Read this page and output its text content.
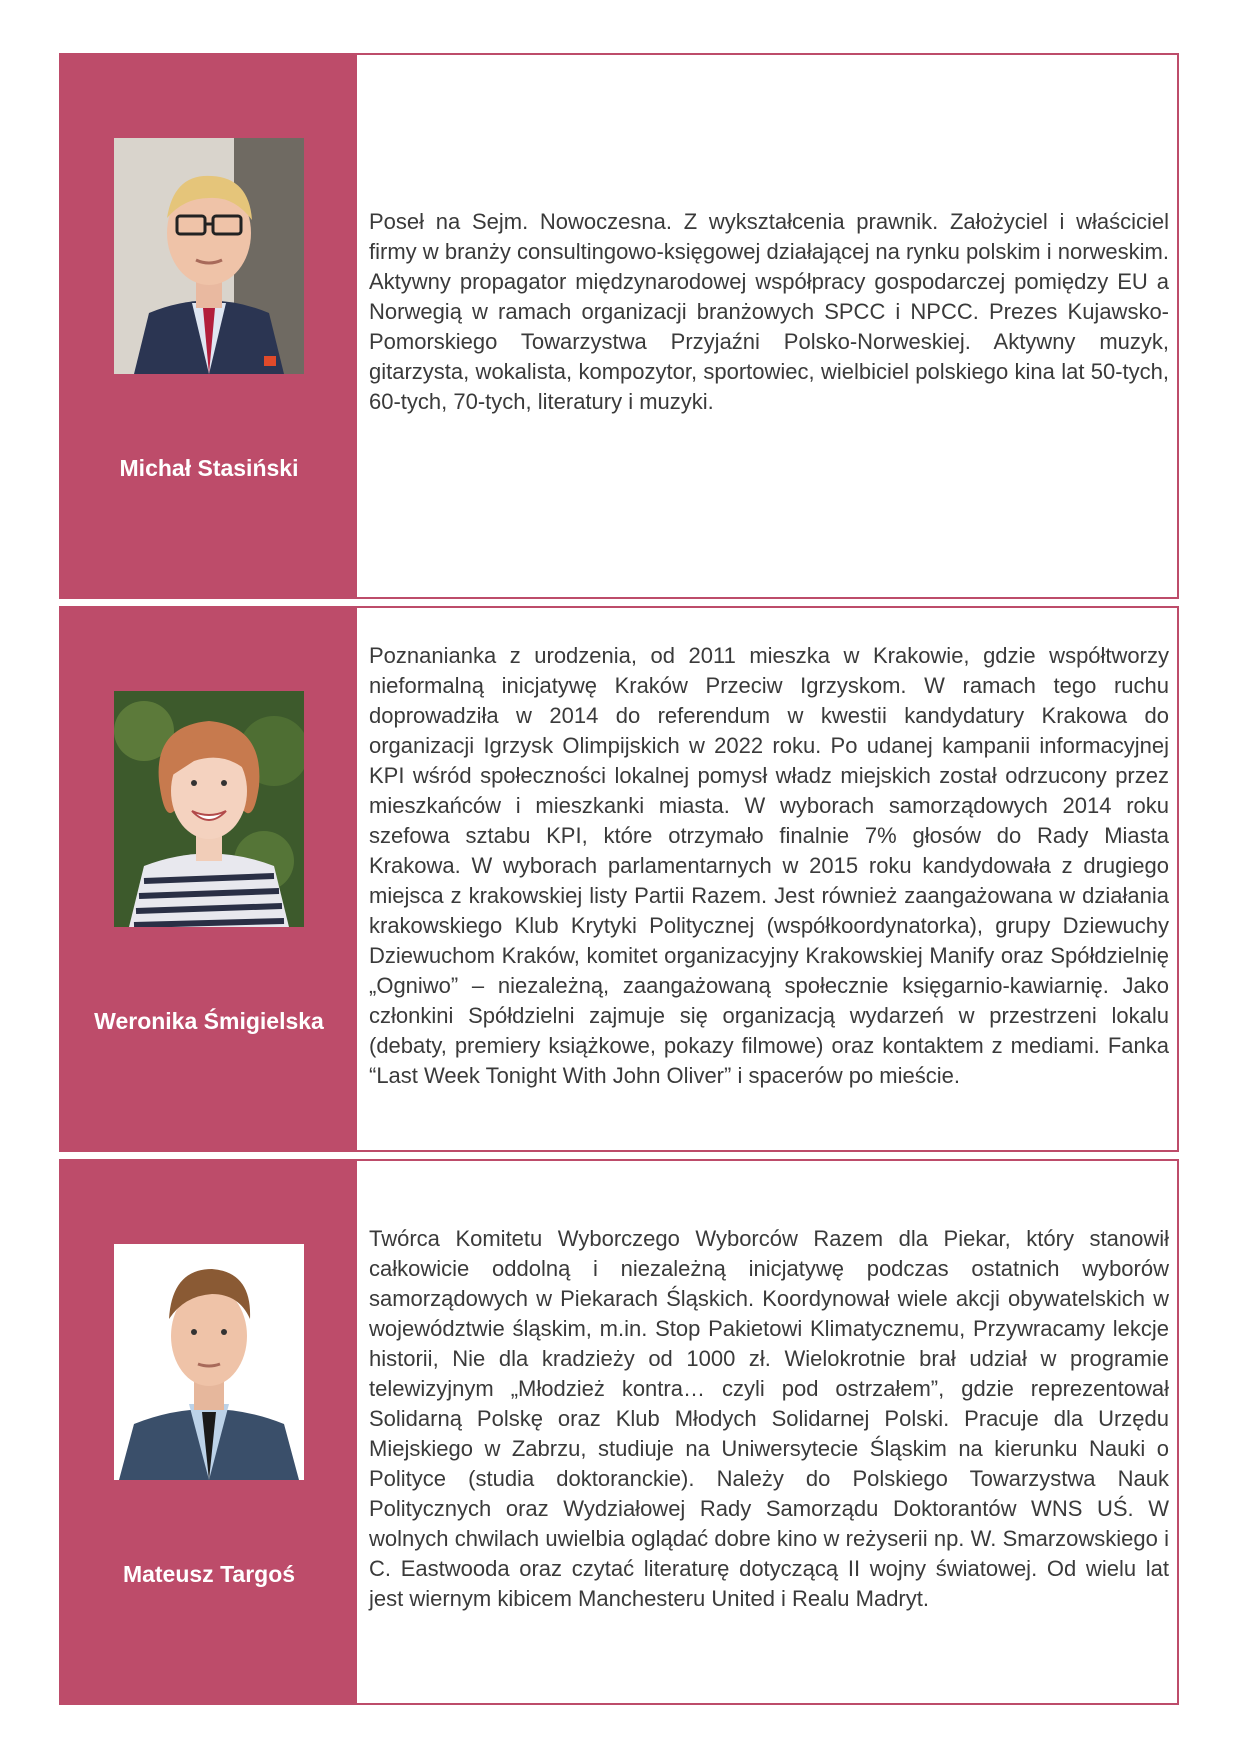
Michał Stasiński

Poseł na Sejm. Nowoczesna. Z wykształcenia prawnik. Założyciel i właściciel firmy w branży consultingowo-księgowej działającej na rynku polskim i norweskim. Aktywny propagator międzynarodowej współpracy gospodarczej pomiędzy EU a Norwegią w ramach organizacji branżowych SPCC i NPCC. Prezes Kujawsko-Pomorskiego Towarzystwa Przyjaźni Polsko-Norweskiej. Aktywny muzyk, gitarzysta, wokalista, kompozytor, sportowiec, wielbiciel polskiego kina lat 50-tych, 60-tych, 70-tych, literatury i muzyki.

Weronika Śmigielska

Poznanianka z urodzenia, od 2011 mieszka w Krakowie, gdzie współtworzy nieformalną inicjatywę Kraków Przeciw Igrzyskom. W ramach tego ruchu doprowadziła w 2014 do referendum w kwestii kandydatury Krakowa do organizacji Igrzysk Olimpijskich w 2022 roku. Po udanej kampanii informacyjnej KPI wśród społeczności lokalnej pomysł władz miejskich został odrzucony przez mieszkańców i mieszkanki miasta. W wyborach samorządowych 2014 roku szefowa sztabu KPI, które otrzymało finalnie 7% głosów do Rady Miasta Krakowa. W wyborach parlamentarnych w 2015 roku kandydowała z drugiego miejsca z krakowskiej listy Partii Razem. Jest również zaangażowana w działania krakowskiego Klub Krytyki Politycznej (współkoordynatorka), grupy Dziewuchy Dziewuchom Kraków, komitet organizacyjny Krakowskiej Manify oraz Spółdzielnię „Ogniwo” – niezależną, zaangażowaną społecznie księgarnio-kawiarnię. Jako członkini Spółdzielni zajmuje się organizacją wydarzeń w przestrzeni lokalu (debaty, premiery książkowe, pokazy filmowe) oraz kontaktem z mediami. Fanka “Last Week Tonight With John Oliver” i spacerów po mieście.

Mateusz Targoś

Twórca Komitetu Wyborczego Wyborców Razem dla Piekar, który stanowił całkowicie oddolną i niezależną inicjatywę podczas ostatnich wyborów samorządowych w Piekarach Śląskich. Koordynował wiele akcji obywatelskich w województwie śląskim, m.in. Stop Pakietowi Klimatycznemu, Przywracamy lekcje historii, Nie dla kradzieży od 1000 zł. Wielokrotnie brał udział w programie telewizyjnym „Młodzież kontra… czyli pod ostrzałem”, gdzie reprezentował Solidarną Polskę oraz Klub Młodych Solidarnej Polski. Pracuje dla Urzędu Miejskiego w Zabrzu, studiuje na Uniwersytecie Śląskim na kierunku Nauki o Polityce (studia doktoranckie). Należy do Polskiego Towarzystwa Nauk Politycznych oraz Wydziałowej Rady Samorządu Doktorantów WNS UŚ. W wolnych chwilach uwielbia oglądać dobre kino w reżyserii np. W. Smarzowskiego i C. Eastwooda oraz czytać literaturę dotyczącą II wojny światowej. Od wielu lat jest wiernym kibicem Manchesteru United i Realu Madryt.
